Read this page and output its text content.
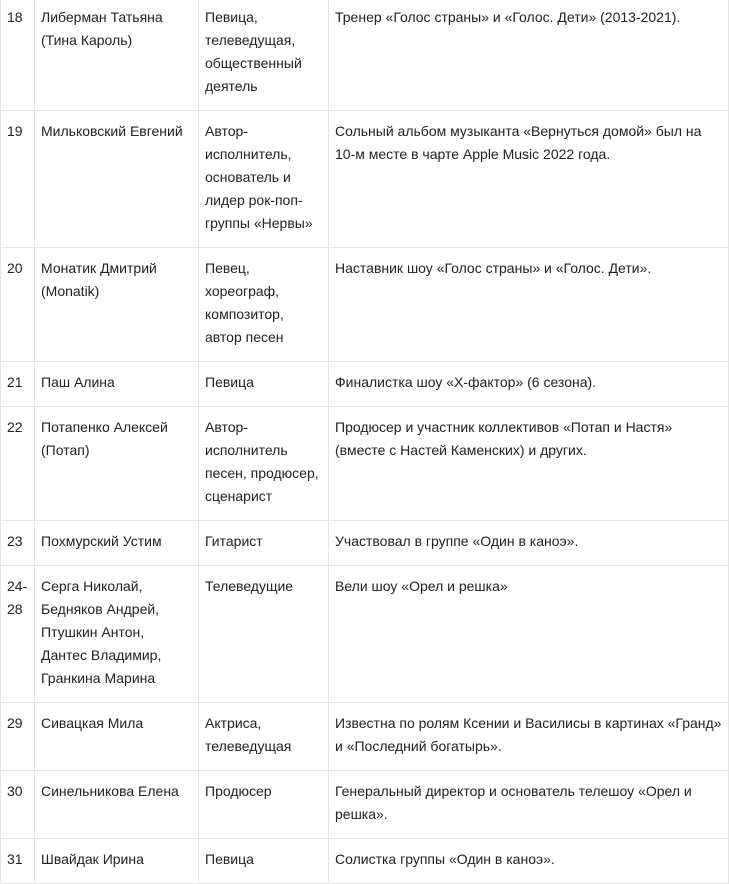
18	Либерман Татьяна (Тина Кароль)	Певица, телеведущая, общественный деятель	Тренер «Голос страны» и «Голос. Дети» (2013-2021).

19	Мильковский Евгений	Автор-исполнитель, основатель и лидер рок-поп-группы «Нервы»	Сольный альбом музыканта «Вернуться домой» был на 10-м месте в чарте Apple Music 2022 года.

20	Монатик Дмитрий (Monatik)	Певец, хореограф, композитор, автор песен	Наставник шоу «Голос страны» и «Голос. Дети».

21	Паш Алина	Певица	Финалистка шоу «Х-фактор» (6 сезона).

22	Потапенко Алексей (Потап)	Автор-исполнитель песен, продюсер, сценарист	Продюсер и участник коллективов «Потап и Настя» (вместе с Настей Каменских) и других.

23	Похмурский Устим	Гитарист	Участвовал в группе «Один в каноэ».

24-28	Серга Николай, Бедняков Андрей, Птушкин Антон, Дантес Владимир, Гранкина Марина	Телеведущие	Вели шоу «Орел и решка»

29	Сивацкая Мила	Актриса, телеведущая	Известна по ролям Ксении и Василисы в картинах «Гранд» и «Последний богатырь».

30	Синельникова Елена	Продюсер	Генеральный директор и основатель телешоу «Орел и решка».

31	Швайдак Ирина	Певица	Солистка группы «Один в каноэ».
